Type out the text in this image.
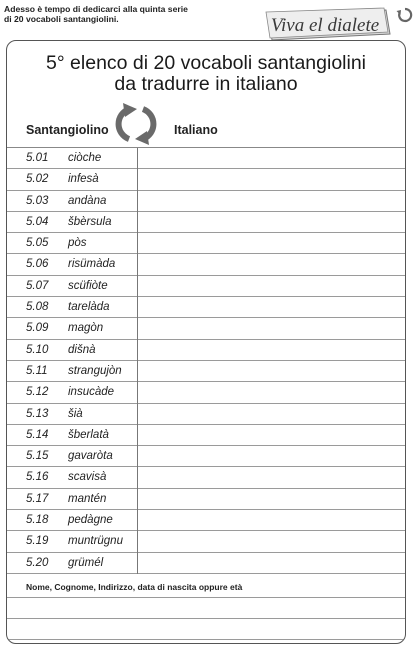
Adesso è tempo di dedicarci alla quinta serie
di 20 vocaboli santangiolini.	Viva el dialete
5° elenco di 20 vocaboli santangiolini
da tradurre in italiano
Santangiolino	Italiano
5.01 ciòche
5.02 infesà
5.03 andàna
5.04 šbèrsula
5.05 pòs
5.06 risümàda
5.07 scüfiòte
5.08 tarelàda
5.09 magòn
5.10 dišnà
5.11 strangujòn
5.12 insucàde
5.13 šià
5.14 šberlatà
5.15 gavaròta
5.16 scavisà
5.17 mantén
5.18 pedàgne
5.19 muntrügnu
5.20 grümél
Nome, Cognome, Indirizzo, data di nascita oppure età
